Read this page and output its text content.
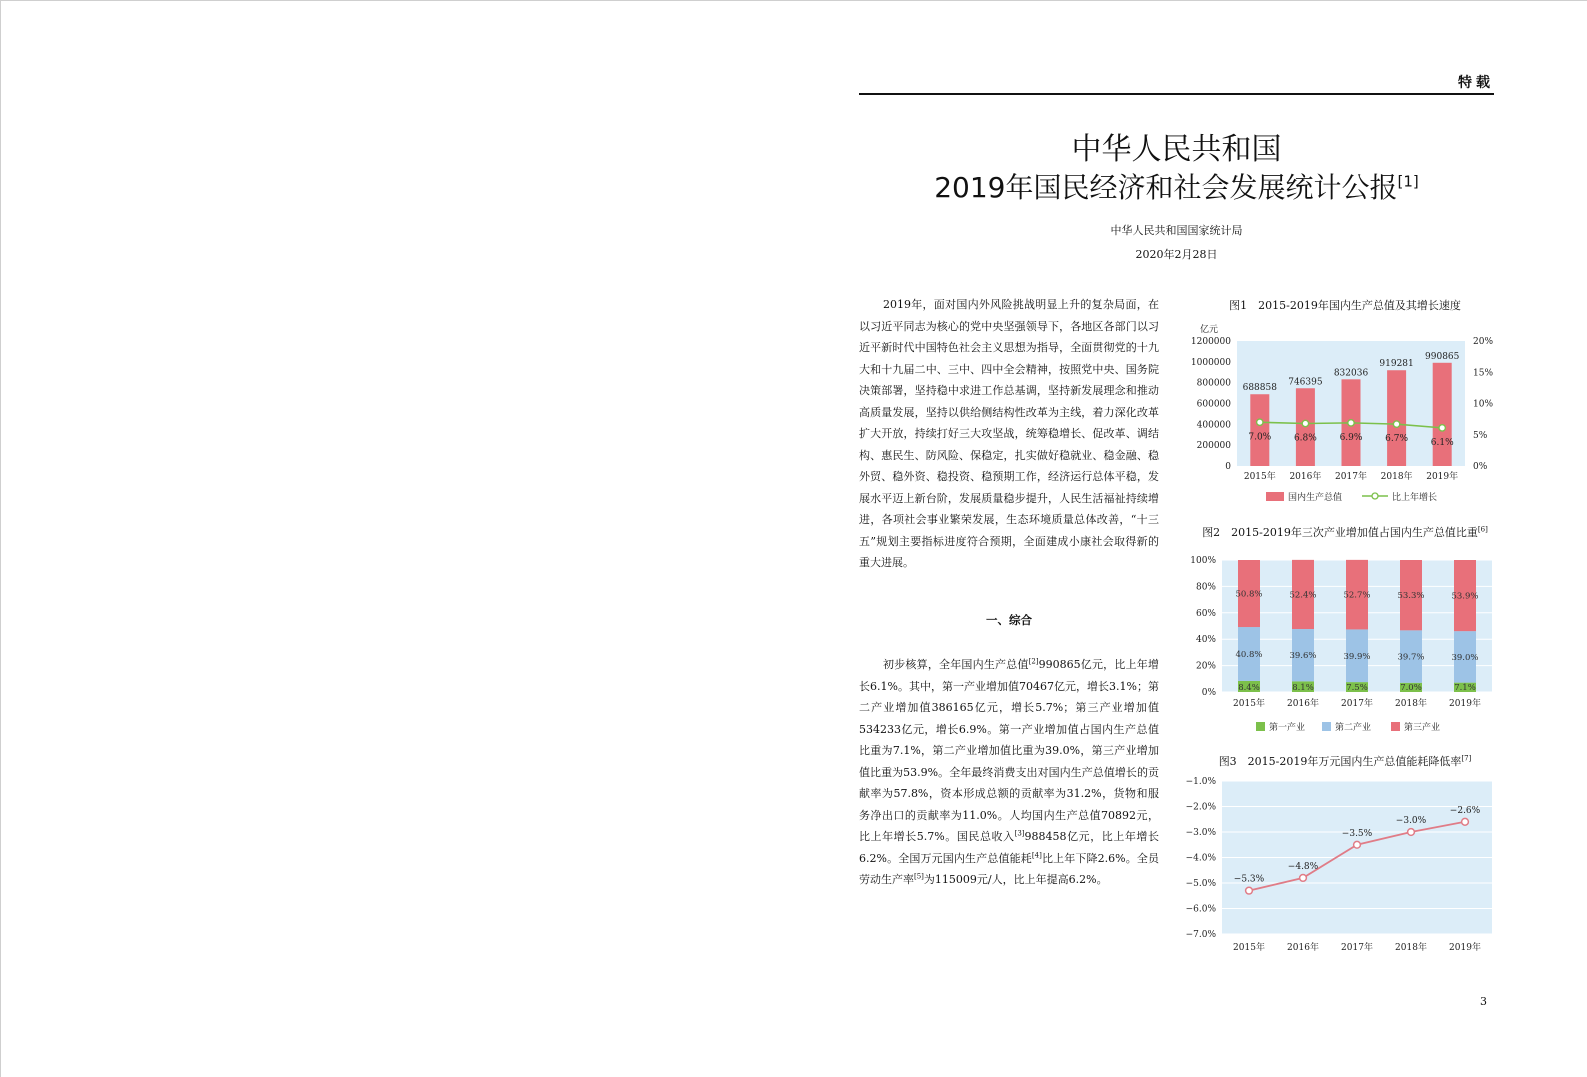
特载
中华人民共和国
2019年国民经济和社会发展统计公报[1]
中华人民共和国国家统计局
2020年2月28日

2019年，面对国内外风险挑战明显上升的复杂局面，在以习近平同志为核心的党中央坚强领导下，各地区各部门以习近平新时代中国特色社会主义思想为指导，全面贯彻党的十九大和十九届二中、三中、四中全会精神，按照党中央、国务院决策部署，坚持稳中求进工作总基调，坚持新发展理念和推动高质量发展，坚持以供给侧结构性改革为主线，着力深化改革扩大开放，持续打好三大攻坚战，统筹稳增长、促改革、调结构、惠民生、防风险、保稳定，扎实做好稳就业、稳金融、稳外贸、稳外资、稳投资、稳预期工作，经济运行总体平稳，发展水平迈上新台阶，发展质量稳步提升，人民生活福祉持续增进，各项社会事业繁荣发展，生态环境质量总体改善，“十三五”规划主要指标进度符合预期，全面建成小康社会取得新的重大进展。

一、综合

初步核算，全年国内生产总值[2]990865亿元，比上年增长6.1%。其中，第一产业增加值70467亿元，增长3.1%；第二产业增加值386165亿元，增长5.7%；第三产业增加值534233亿元，增长6.9%。第一产业增加值占国内生产总值比重为7.1%，第二产业增加值比重为39.0%，第三产业增加值比重为53.9%。全年最终消费支出对国内生产总值增长的贡献率为57.8%，资本形成总额的贡献率为31.2%，货物和服务净出口的贡献率为11.0%。人均国内生产总值70892元，比上年增长5.7%。国民总收入[3]988458亿元，比上年增长6.2%。全国万元国内生产总值能耗[4]比上年下降2.6%。全员劳动生产率[5]为115009元/人，比上年提高6.2%。

图1　2015-2019年国内生产总值及其增长速度
图2　2015-2019年三次产业增加值占国内生产总值比重[6]
图3　2015-2019年万元国内生产总值能耗降低率[7]
亿元
1200000
1000000
800000
600000
400000
200000
0
20%
15%
10%
5%
0%
688858
2015年
746395
2016年
832036
2017年
919281
2018年
990865
2019年
7.0%	6.8%	6.9%	6.7%	6.1%
国内生产总值	比上年增长
100%
80%
60%
40%
20%
0%	8.4%
40.8%
50.8%
2015年
8.1%
39.6%
52.4%
2016年
7.5%
39.9%
52.7%
2017年
7.0%
39.7%
53.3%
2018年
7.1%
39.0%
53.9%
2019年
第一产业	第二产业	第三产业
−1.0%
−2.0%
−3.0%
−4.0%
−5.0%
−6.0%
−7.0%
−5.3%
2015年
−4.8%
2016年
−3.5%
2017年
−3.0%
2018年
−2.6%
2019年
3
